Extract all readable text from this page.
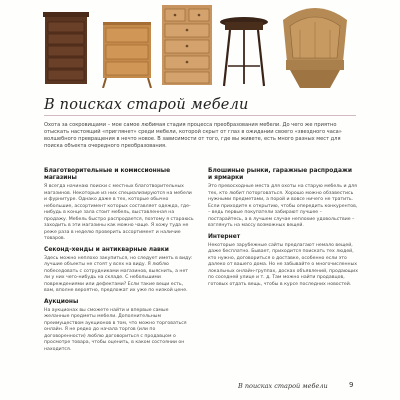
В поисках старой мебели

Охота за сокровищами – мое самое любимая стадия процесса преобразования мебели. До чего же приятно отыскать настоящий «приглянет» среди мебели, которой скрыт от глаз в ожидании своего «звездного часа» волшебного превращения в нечто новое. В зависимости от того, где вы живете, есть много разных мест для поиска объекта очередного преобразования.

Благотворительные и комиссионные магазины

Я всегда начинаю поиски с местных благотворительных магазинов. Некоторые из них специализируются на мебели и фурнитуре. Однако даже в тех, которые обычно небольшие, ассортимент которых составляет одежда, где-нибудь в конце зала стоит мебель, выставленная на продажу. Мебель быстро распродается, поэтому я стараюсь заходить в эти магазины как можно чаще. Я хожу туда не реже раза в неделю проверить ассортимент и наличие товаров.

Секонд-хенды и антикварные лавки

Здесь можно неплохо закупиться, но следует иметь в виду: лучшие объекты не стоят у всех на виду. Я люблю побеседовать с сотрудниками магазинов, выяснить, а нет ли у них чего-нибудь на складе. С небольшими повреждениями или дефектами? Если такие вещи есть, вам, вполне вероятно, предложат их уже по низкой цене.

Аукционы

На аукционах вы сможете найти и впервые самые желанные предметы мебели. Дополнительным преимуществом аукционов в том, что можно торговаться онлайн. Я не редко до начала торгов (или по договоренности) люблю договориться с продавцом о просмотре товара, чтобы оценить, в каком состоянии он находится.

Блошиные рынки, гаражные распродажи и ярмарки

Это превосходные места для охоты на старую мебель и для тех, кто любит поторговаться. Хорошо можно обзавестись нужными предметами, а порой и вовсе ничего не тратить. Если приходите к открытию, чтобы опередить конкурентов, – ведь первые покупатели забирают лучшее – постарайтесь, а в лучшем случае неплохие удовольствие – взглянуть на массу возможных вещей.

Интернет

Некоторые зарубежные сайты предлагают немало вещей, даже бесплатно. Бывает, приходится поискать тех людей, кто нужно, договориться о доставке, особенно если это далеко от вашего дома. Но не забывайте о многочисленных локальных онлайн-группах, досках объявлений, продающих по соседней улице и т. д. Там можно найти продавцов, готовых отдать вещь, чтобы в курсе последних новостей.

В поисках старой мебели	9
